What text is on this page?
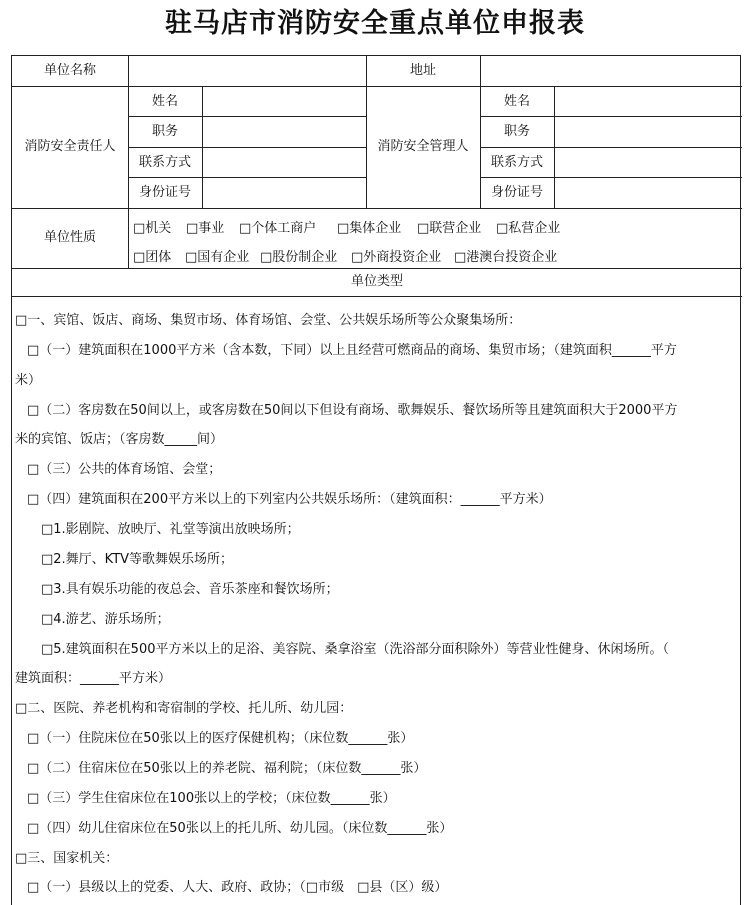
驻马店市消防安全重点单位申报表
单位名称	地址
消防安全责任人
姓名
职务
联系方式
身份证号
消防安全管理人
姓名
职务
联系方式
身份证号
单位性质
□机关 □事业 □个体工商户 □集体企业 □联营企业 □私营企业
□团体 □国有企业 □股份制企业 □外商投资企业 □港澳台投资企业
单位类型
□一、宾馆、饭店、商场、集贸市场、体育场馆、会堂、公共娱乐场所等公众聚集场所：
□（一）建筑面积在1000平方米（含本数，下同）以上且经营可燃商品的商场、集贸市场；（建筑面积______平方
米）
□（二）客房数在50间以上，或客房数在50间以下但设有商场、歌舞娱乐、餐饮场所等且建筑面积大于2000平方
米的宾馆、饭店；（客房数_____间）
□（三）公共的体育场馆、会堂；
□（四）建筑面积在200平方米以上的下列室内公共娱乐场所：（建筑面积：______平方米）
□1.影剧院、放映厅、礼堂等演出放映场所；
□2.舞厅、KTV等歌舞娱乐场所；
□3.具有娱乐功能的夜总会、音乐茶座和餐饮场所；
□4.游艺、游乐场所；
□5.建筑面积在500平方米以上的足浴、美容院、桑拿浴室（洗浴部分面积除外）等营业性健身、休闲场所。（
建筑面积：______平方米）
□二、医院、养老机构和寄宿制的学校、托儿所、幼儿园：
□（一）住院床位在50张以上的医疗保健机构；（床位数______张）
□（二）住宿床位在50张以上的养老院、福利院；（床位数______张）
□（三）学生住宿床位在100张以上的学校；（床位数______张）
□（四）幼儿住宿床位在50张以上的托儿所、幼儿园。（床位数______张）
□三、国家机关：
□（一）县级以上的党委、人大、政府、政协；（□市级　□县（区）级）
